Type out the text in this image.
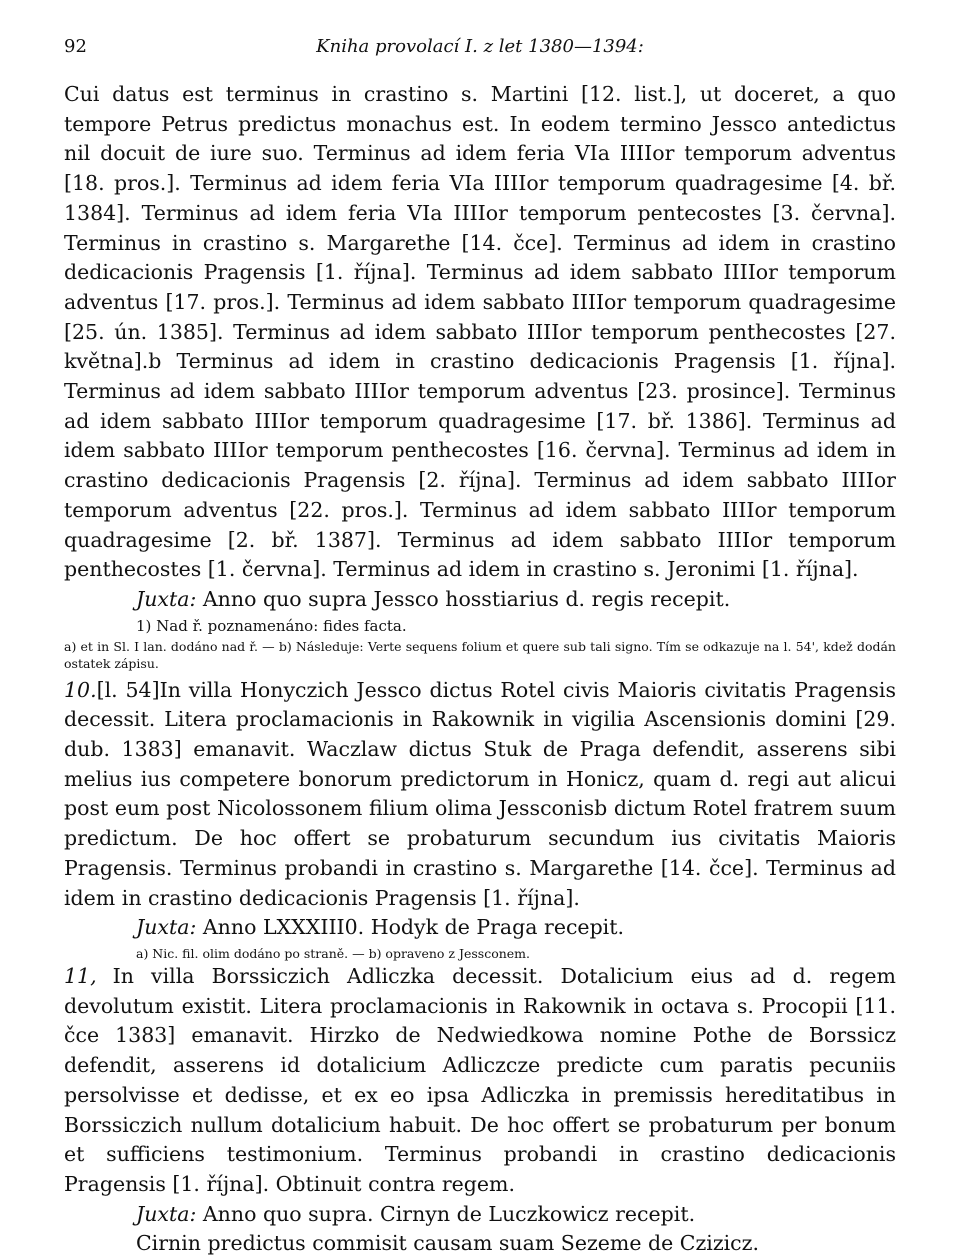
92	Kniha provolací I. z let 1380—1394:

Cui datus est terminus in crastino s. Martini [12. list.], ut doceret, a quo tempore Petrus predictus monachus est. In eodem termino Jessco antedictus nil docuit de iure suo. Terminus ad idem feria VIa IIIIor temporum adventus [18. pros.]. Terminus ad idem feria VIa IIIIor temporum quadragesime [4. bř. 1384]. Terminus ad idem feria VIa IIIIor temporum pentecostes [3. června]. Terminus in crastino s. Margarethe [14. čce]. Terminus ad idem in crastino dedicacionis Pragensis [1. října]. Terminus ad idem sabbato IIIIor temporum adventus [17. pros.]. Terminus ad idem sabbato IIIIor temporum quadragesime [25. ún. 1385]. Terminus ad idem sabbato IIIIor temporum penthecostes [27. května].b Terminus ad idem in crastino dedicacionis Pragensis [1. října]. Terminus ad idem sabbato IIIIor temporum adventus [23. prosince]. Terminus ad idem sabbato IIIIor temporum quadragesime [17. bř. 1386]. Terminus ad idem sabbato IIIIor temporum penthecostes [16. června]. Terminus ad idem in crastino dedicacionis Pragensis [2. října]. Terminus ad idem sabbato IIIIor temporum adventus [22. pros.]. Terminus ad idem sabbato IIIIor temporum quadragesime [2. bř. 1387]. Terminus ad idem sabbato IIIIor temporum penthecostes [1. června]. Terminus ad idem in crastino s. Jeronimi [1. října].

Juxta: Anno quo supra Jessco hosstiarius d. regis recepit.

1) Nad ř. poznamenáno: fides facta.

a) et in Sl. I lan. dodáno nad ř. — b) Následuje: Verte sequens folium et quere sub tali signo. Tím se odkazuje na l. 54', kdež dodán ostatek zápisu.

10.[l. 54]In villa Honyczich Jessco dictus Rotel civis Maioris civitatis Pragensis decessit. Litera proclamacionis in Rakownik in vigilia Ascensionis domini [29. dub. 1383] emanavit. Waczlaw dictus Stuk de Praga defendit, asserens sibi melius ius competere bonorum predictorum in Honicz, quam d. regi aut alicui post eum post Nicolossonem filium olima Jessconisb dictum Rotel fratrem suum predictum. De hoc offert se probaturum secundum ius civitatis Maioris Pragensis. Terminus probandi in crastino s. Margarethe [14. čce]. Terminus ad idem in crastino dedicacionis Pragensis [1. října].

Juxta: Anno LXXXIII0. Hodyk de Praga recepit.

a) Nic. fil. olim dodáno po straně. — b) opraveno z Jessconem.

11, In villa Borssiczich Adliczka decessit. Dotalicium eius ad d. regem devolutum existit. Litera proclamacionis in Rakownik in octava s. Procopii [11. čce 1383] emanavit. Hirzko de Nedwiedkowa nomine Pothe de Borssicz defendit, asserens id dotalicium Adliczcze predicte cum paratis pecuniis persolvisse et dedisse, et ex eo ipsa Adliczka in premissis hereditatibus in Borssiczich nullum dotalicium habuit. De hoc offert se probaturum per bonum et sufficiens testimonium. Terminus probandi in crastino dedicacionis Pragensis [1. října]. Obtinuit contra regem.

Juxta: Anno quo supra. Cirnyn de Luczkowicz recepit.

Cirnin predictus commisit causam suam Sezeme de Czizicz.
